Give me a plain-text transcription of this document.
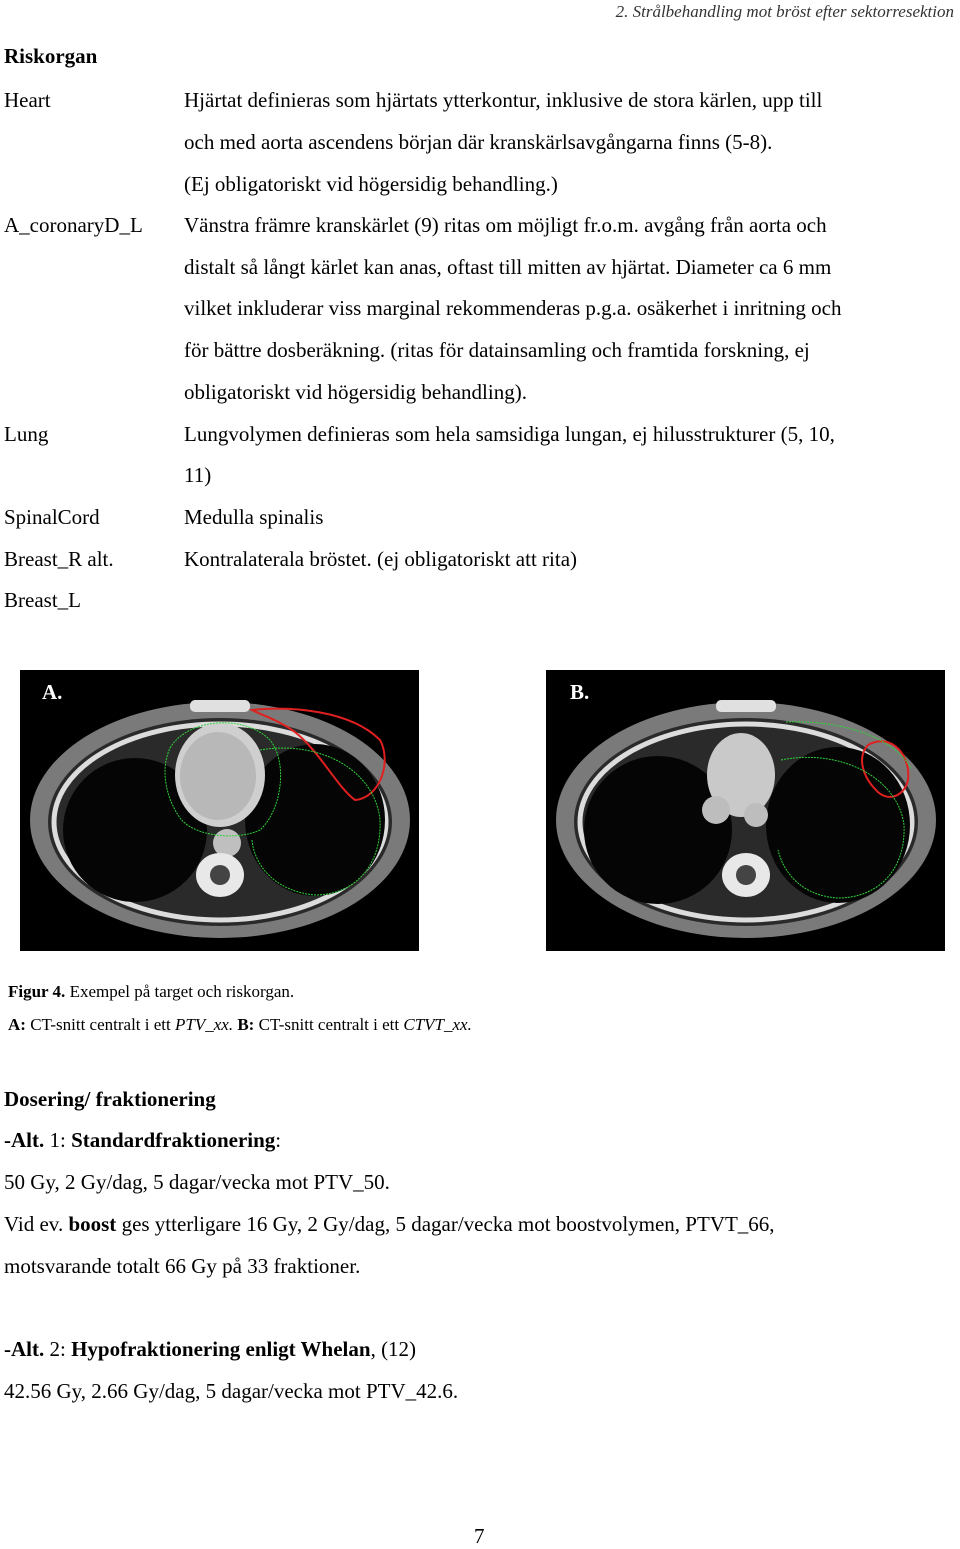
2. Strålbehandling mot bröst efter sektorresektion
Riskorgan
Heart	Hjärtat definieras som hjärtats ytterkontur, inklusive de stora kärlen, upp till
och med aorta ascendens början där kranskärlsavgångarna finns (5-8).
(Ej obligatoriskt vid högersidig behandling.)
A_coronaryD_L Vänstra främre kranskärlet (9) ritas om möjligt fr.o.m. avgång från aorta och
distalt så långt kärlet kan anas, oftast till mitten av hjärtat. Diameter ca 6 mm
vilket inkluderar viss marginal rekommenderas p.g.a. osäkerhet i inritning och
för bättre dosberäkning. (ritas för datainsamling och framtida forskning, ej
obligatoriskt vid högersidig behandling).
Lung	Lungvolymen definieras som hela samsidiga lungan, ej hilusstrukturer (5, 10,
11)
SpinalCord	Medulla spinalis
Breast_R alt.	Kontralaterala bröstet. (ej obligatoriskt att rita)
Breast_L
A.	B.
Figur 4. Exempel på target och riskorgan.
A: CT-snitt centralt i ett PTV_xx. B: CT-snitt centralt i ett CTVT_xx.
Dosering/ fraktionering
-Alt. 1: Standardfraktionering:
50 Gy, 2 Gy/dag, 5 dagar/vecka mot PTV_50.
Vid ev. boost ges ytterligare 16 Gy, 2 Gy/dag, 5 dagar/vecka mot boostvolymen, PTVT_66,
motsvarande totalt 66 Gy på 33 fraktioner.
-Alt. 2: Hypofraktionering enligt Whelan, (12)
42.56 Gy, 2.66 Gy/dag, 5 dagar/vecka mot PTV_42.6.
7
